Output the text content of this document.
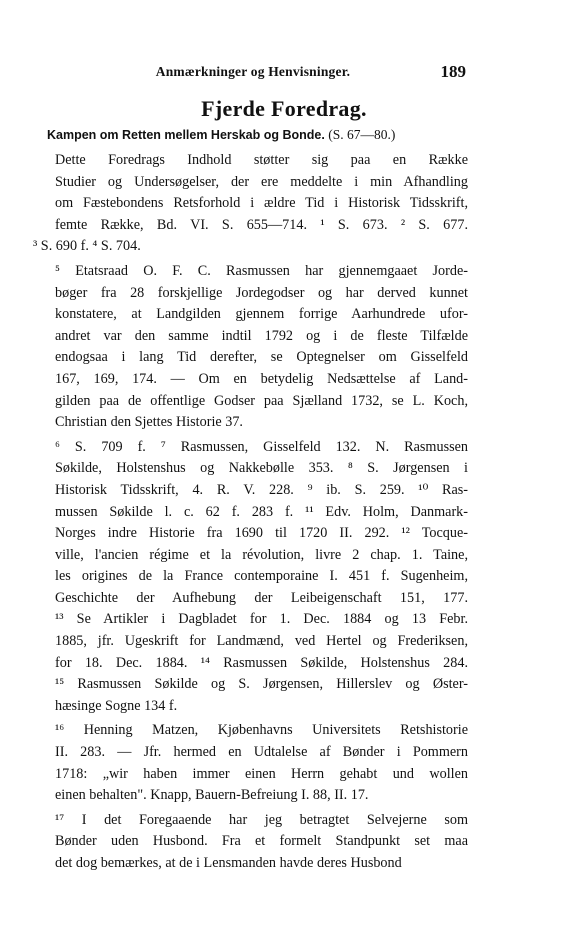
Anmærkninger og Henvisninger.	189
Fjerde Foredrag.
Kampen om Retten mellem Herskab og Bonde. (S. 67—80.)

Dette Foredrags Indhold støtter sig paa en Række
Studier og Undersøgelser, der ere meddelte i min Afhandling
om Fæstebondens Retsforhold i ældre Tid i Historisk Tidsskrift,
femte Række, Bd. VI. S. 655—714. ¹ S. 673. ² S. 677.
³ S. 690 f. ⁴ S. 704.

⁵ Etatsraad O. F. C. Rasmussen har gjennemgaaet Jorde-
bøger fra 28 forskjellige Jordegodser og har derved kunnet
konstatere, at Landgilden gjennem forrige Aarhundrede ufor-
andret var den samme indtil 1792 og i de fleste Tilfælde
endogsaa i lang Tid derefter, se Optegnelser om Gisselfeld
167, 169, 174. — Om en betydelig Nedsættelse af Land-
gilden paa de offentlige Godser paa Sjælland 1732, se L. Koch,
Christian den Sjettes Historie 37.

⁶ S. 709 f. ⁷ Rasmussen, Gisselfeld 132. N. Rasmussen
Søkilde, Holstenshus og Nakkebølle 353. ⁸ S. Jørgensen i
Historisk Tidsskrift, 4. R. V. 228. ⁹ ib. S. 259. ¹⁰ Ras-
mussen Søkilde l. c. 62 f. 283 f. ¹¹ Edv. Holm, Danmark-
Norges indre Historie fra 1690 til 1720 II. 292. ¹² Tocque-
ville, l'ancien régime et la révolution, livre 2 chap. 1. Taine,
les origines de la France contemporaine I. 451 f. Sugenheim,
Geschichte der Aufhebung der Leibeigenschaft 151, 177.
¹³ Se Artikler i Dagbladet for 1. Dec. 1884 og 13 Febr.
1885, jfr. Ugeskrift for Landmænd, ved Hertel og Frederiksen,
for 18. Dec. 1884. ¹⁴ Rasmussen Søkilde, Holstenshus 284.
¹⁵ Rasmussen Søkilde og S. Jørgensen, Hillerslev og Øster-
hæsinge Sogne 134 f.

¹⁶ Henning Matzen, Kjøbenhavns Universitets Retshistorie
II. 283. — Jfr. hermed en Udtalelse af Bønder i Pommern
1718: „wir haben immer einen Herrn gehabt und wollen
einen behalten". Knapp, Bauern-Befreiung I. 88, II. 17.

¹⁷ I det Foregaaende har jeg betragtet Selvejerne som
Bønder uden Husbond. Fra et formelt Standpunkt set maa
det dog bemærkes, at de i Lensmanden havde deres Husbond
